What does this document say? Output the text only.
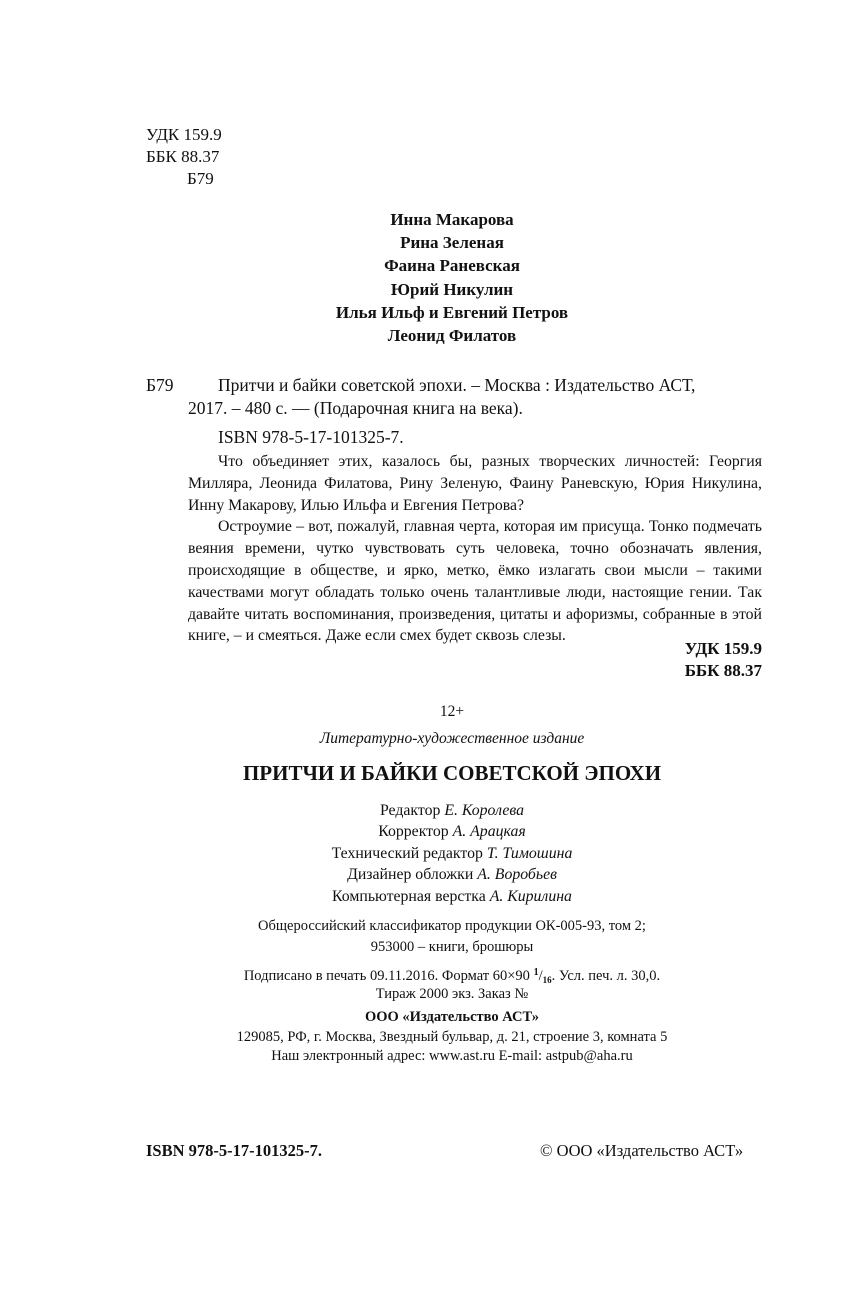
УДК 159.9
ББК 88.37
Б79
Инна Макарова
Рина Зеленая
Фаина Раневская
Юрий Никулин
Илья Ильф и Евгений Петров
Леонид Филатов
Б79	Притчи и байки советской эпохи. – Москва : Издательство АСТ,
2017. – 480 с. — (Подарочная книга на века).
ISBN 978-5-17-101325-7.

Что объединяет этих, казалось бы, разных творческих личностей: Георгия Милляра, Леонида Филатова, Рину Зеленую, Фаину Раневскую, Юрия Никулина, Инну Макарову, Илью Ильфа и Евгения Петрова?

Остроумие – вот, пожалуй, главная черта, которая им присуща. Тонко подмечать веяния времени, чутко чувствовать суть человека, точно обозначать явления, происходящие в обществе, и ярко, метко, ёмко излагать свои мысли – такими качествами могут обладать только очень талантливые люди, настоящие гении. Так давайте читать воспоминания, произведения, цитаты и афоризмы, собранные в этой книге, – и смеяться. Даже если смех будет сквозь слезы.

УДК 159.9
ББК 88.37
12+
Литературно-художественное издание
ПРИТЧИ И БАЙКИ СОВЕТСКОЙ ЭПОХИ
Редактор Е. Королева
Корректор А. Арацкая
Технический редактор Т. Тимошина
Дизайнер обложки А. Воробьев
Компьютерная верстка А. Кирилина
Общероссийский классификатор продукции ОК-005-93, том 2;
953000 – книги, брошюры
Подписано в печать 09.11.2016. Формат 60×90 $^1/_{16}$. Усл. печ. л. 30,0.
Тираж 2000 экз. Заказ №
ООО «Издательство АСТ»
129085, РФ, г. Москва, Звездный бульвар, д. 21, строение 3, комната 5
Наш электронный адрес: www.ast.ru E-mail: astpub@aha.ru
ISBN 978-5-17-101325-7.	© ООО «Издательство АСТ»
